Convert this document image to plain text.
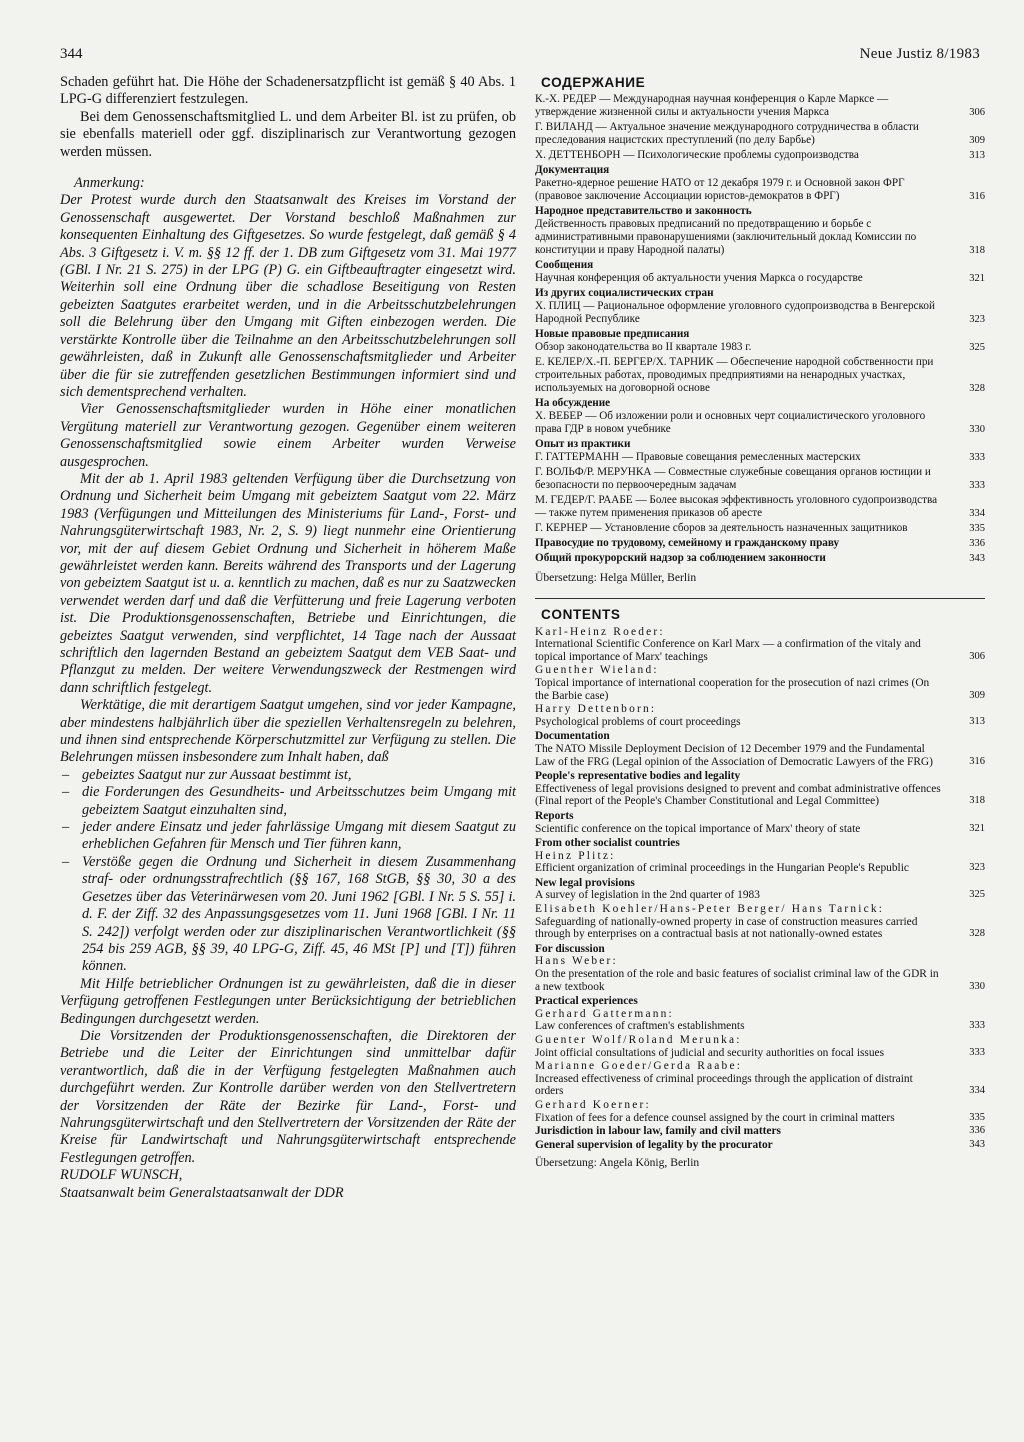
344	Neue Justiz 8/1983

Schaden geführt hat. Die Höhe der Schadenersatzpflicht ist gemäß § 40 Abs. 1 LPG-G differenziert festzulegen.

Bei dem Genossenschaftsmitglied L. und dem Arbeiter Bl. ist zu prüfen, ob sie ebenfalls materiell oder ggf. disziplinarisch zur Verantwortung gezogen werden müssen.

Anmerkung:

Der Protest wurde durch den Staatsanwalt des Kreises im Vorstand der Genossenschaft ausgewertet. Der Vorstand beschloß Maßnahmen zur konsequenten Einhaltung des Giftgesetzes. So wurde festgelegt, daß gemäß § 4 Abs. 3 Giftgesetz i. V. m. §§ 12 ff. der 1. DB zum Giftgesetz vom 31. Mai 1977 (GBl. I Nr. 21 S. 275) in der LPG (P) G. ein Giftbeauftragter eingesetzt wird. Weiterhin soll eine Ordnung über die schadlose Beseitigung von Resten gebeizten Saatgutes erarbeitet werden, und in die Arbeitsschutzbelehrungen soll die Belehrung über den Umgang mit Giften einbezogen werden. Die verstärkte Kontrolle über die Teilnahme an den Arbeitsschutzbelehrungen soll gewährleisten, daß in Zukunft alle Genossenschaftsmitglieder und Arbeiter über die für sie zutreffenden gesetzlichen Bestimmungen informiert sind und sich dementsprechend verhalten.

Vier Genossenschaftsmitglieder wurden in Höhe einer monatlichen Vergütung materiell zur Verantwortung gezogen. Gegenüber einem weiteren Genossenschaftsmitglied sowie einem Arbeiter wurden Verweise ausgesprochen.

Mit der ab 1. April 1983 geltenden Verfügung über die Durchsetzung von Ordnung und Sicherheit beim Umgang mit gebeiztem Saatgut vom 22. März 1983 (Verfügungen und Mitteilungen des Ministeriums für Land-, Forst- und Nahrungsgüterwirtschaft 1983, Nr. 2, S. 9) liegt nunmehr eine Orientierung vor, mit der auf diesem Gebiet Ordnung und Sicherheit in höherem Maße gewährleistet werden kann. Bereits während des Transports und der Lagerung von gebeiztem Saatgut ist u. a. kenntlich zu machen, daß es nur zu Saatzwecken verwendet werden darf und daß die Verfütterung und freie Lagerung verboten ist. Die Produktionsgenossenschaften, Betriebe und Einrichtungen, die gebeiztes Saatgut verwenden, sind verpflichtet, 14 Tage nach der Aussaat schriftlich den lagernden Bestand an gebeiztem Saatgut dem VEB Saat- und Pflanzgut zu melden. Der weitere Verwendungszweck der Restmengen wird dann schriftlich festgelegt.

Werktätige, die mit derartigem Saatgut umgehen, sind vor jeder Kampagne, aber mindestens halbjährlich über die speziellen Verhaltensregeln zu belehren, und ihnen sind entsprechende Körperschutzmittel zur Verfügung zu stellen. Die Belehrungen müssen insbesondere zum Inhalt haben, daß

– gebeiztes Saatgut nur zur Aussaat bestimmt ist,
– die Forderungen des Gesundheits- und Arbeitsschutzes beim Umgang mit gebeiztem Saatgut einzuhalten sind,
– jeder andere Einsatz und jeder fahrlässige Umgang mit diesem Saatgut zu erheblichen Gefahren für Mensch und Tier führen kann,
– Verstöße gegen die Ordnung und Sicherheit in diesem Zusammenhang straf- oder ordnungsstrafrechtlich (§§ 167, 168 StGB, §§ 30, 30 a des Gesetzes über das Veterinärwesen vom 20. Juni 1962 [GBl. I Nr. 5 S. 55] i. d. F. der Ziff. 32 des Anpassungsgesetzes vom 11. Juni 1968 [GBl. I Nr. 11 S. 242]) verfolgt werden oder zur disziplinarischen Verantwortlichkeit (§§ 254 bis 259 AGB, §§ 39, 40 LPG-G, Ziff. 45, 46 MSt [P] und [T]) führen können.

Mit Hilfe betrieblicher Ordnungen ist zu gewährleisten, daß die in dieser Verfügung getroffenen Festlegungen unter Berücksichtigung der betrieblichen Bedingungen durchgesetzt werden.

Die Vorsitzenden der Produktionsgenossenschaften, die Direktoren der Betriebe und die Leiter der Einrichtungen sind unmittelbar dafür verantwortlich, daß die in der Verfügung festgelegten Maßnahmen auch durchgeführt werden. Zur Kontrolle darüber werden von den Stellvertretern der Vorsitzenden der Räte der Bezirke für Land-, Forst- und Nahrungsgüterwirtschaft und den Stellvertretern der Vorsitzenden der Räte der Kreise für Landwirtschaft und Nahrungsgüterwirtschaft entsprechende Festlegungen getroffen.

RUDOLF WUNSCH,

Staatsanwalt beim Generalstaatsanwalt der DDR

СОДЕРЖАНИЕ
К.-Х. РЕДЕР — Международная научная конференция о Карле Марксе — утверждение жизненной силы и актуальности учения Маркса	306
Г. ВИЛАНД — Актуальное значение международного сотрудничества в области преследования нацистских преступлений (по делу Барбье)	309
Х. ДЕТТЕНБОРН — Психологические проблемы судопроизводства	313
Документация
Ракетно-ядерное решение НАТО от 12 декабря 1979 г. и Основной закон ФРГ (правовое заключение Ассоциации юристов-демократов в ФРГ)	316
Народное представительство и законность
Действенность правовых предписаний по предотвращению и борьбе с административными правонарушениями (заключительный доклад Комиссии по конституции и праву Народной палаты)	318
Сообщения
Научная конференция об актуальности учения Маркса о государстве	321
Из других социалистических стран
Х. ПЛИЦ — Рациональное оформление уголовного судопроизводства в Венгерской Народной Республике	323
Новые правовые предписания
Обзор законодательства во II квартале 1983 г.	325
Е. КЕЛЕР/Х.-П. БЕРГЕР/Х. ТАРНИК — Обеспечение народной собственности при строительных работах, проводимых предприятиями на ненародных участках, используемых на договорной основе	328
На обсуждение
Х. ВЕБЕР — Об изложении роли и основных черт социалистического уголовного права ГДР в новом учебнике	330
Опыт из практики
Г. ГАТТЕРМАНН — Правовые совещания ремесленных мастерских	333
Г. ВОЛЬФ/Р. МЕРУНКА — Совместные служебные совещания органов юстиции и безопасности по первоочередным задачам	333
М. ГЕДЕР/Г. РААБЕ — Более высокая эффективность уголовного судопроизводства — также путем применения приказов об аресте	334
Г. КЕРНЕР — Установление сборов за деятельность назначенных защитников	335
Правосудие по трудовому, семейному и гражданскому праву	336
Общий прокурорский надзор за соблюдением законности	343
Übersetzung: Helga Müller, Berlin
CONTENTS
Karl-Heinz Roeder:
International Scientific Conference on Karl Marx — a confirmation of the vitaly and topical importance of Marx' teachings	306
Guenther Wieland:
Topical importance of international cooperation for the prosecution of nazi crimes (On the Barbie case)	309
Harry Dettenborn:
Psychological problems of court proceedings	313
Documentation
The NATO Missile Deployment Decision of 12 December 1979 and the Fundamental Law of the FRG (Legal opinion of the Association of Democratic Lawyers of the FRG)	316
People's representative bodies and legality
Effectiveness of legal provisions designed to prevent and combat administrative offences (Final report of the People's Chamber Constitutional and Legal Committee)	318
Reports
Scientific conference on the topical importance of Marx' theory of state	321
From other socialist countries
Heinz Plitz:
Efficient organization of criminal proceedings in the Hungarian People's Republic	323
New legal provisions
A survey of legislation in the 2nd quarter of 1983	325
Elisabeth Koehler/Hans-Peter Berger/ Hans Tarnick:
Safeguarding of nationally-owned property in case of construction measures carried through by enterprises on a contractual basis at not nationally-owned estates	328
For discussion
Hans Weber:
On the presentation of the role and basic features of socialist criminal law of the GDR in a new textbook	330
Practical experiences
Gerhard Gattermann:
Law conferences of craftmen's establishments	333
Guenter Wolf/Roland Merunka:
Joint official consultations of judicial and security authorities on focal issues	333
Marianne Goeder/Gerda Raabe:
Increased effectiveness of criminal proceedings through the application of distraint orders	334
Gerhard Koerner:
Fixation of fees for a defence counsel assigned by the court in criminal matters	335
Jurisdiction in labour law, family and civil matters	336
General supervision of legality by the procurator	343
Übersetzung: Angela König, Berlin
